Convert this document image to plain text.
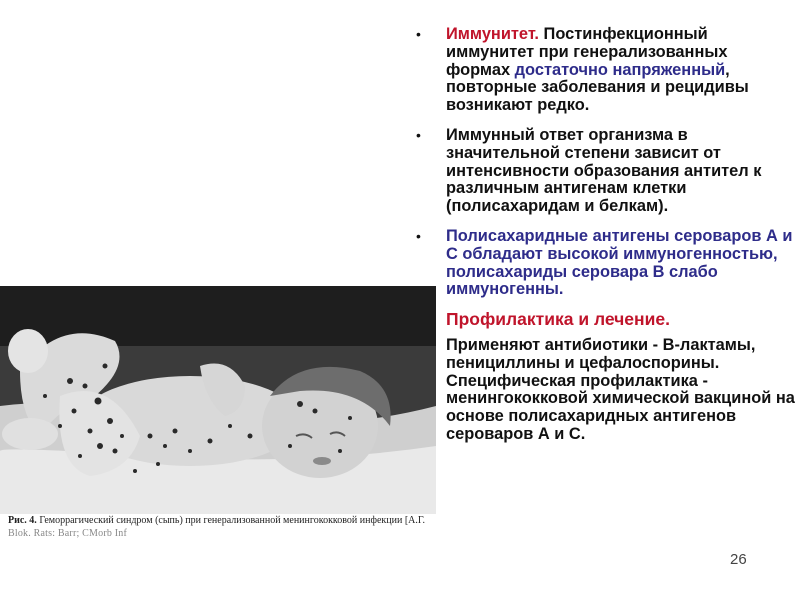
Рис. 4. Геморрагический синдром (сыпь) при генерализованной менингококковой инфекции [А.Г.
Blok. Rats: Barr; CMorb Inf
•	Иммунитет. Постинфекционный иммунитет при генерализованных формах достаточно напряженный, повторные заболевания и рецидивы возникают редко.
•	Иммунный ответ организма в значительной степени зависит от интенсивности образования антител к различным антигенам клетки (полисахаридам и белкам).
•	Полисахаридные антигены сероваров А и С обладают высокой иммуногенностью, полисахариды серовара В слабо иммуногенны.
Профилактика и лечение.
Применяют антибиотики - В-лактамы, пенициллины и цефалоспорины. Специфическая профилактика - менингококковой химической вакциной на основе полисахаридных антигенов сероваров А и С.
26
